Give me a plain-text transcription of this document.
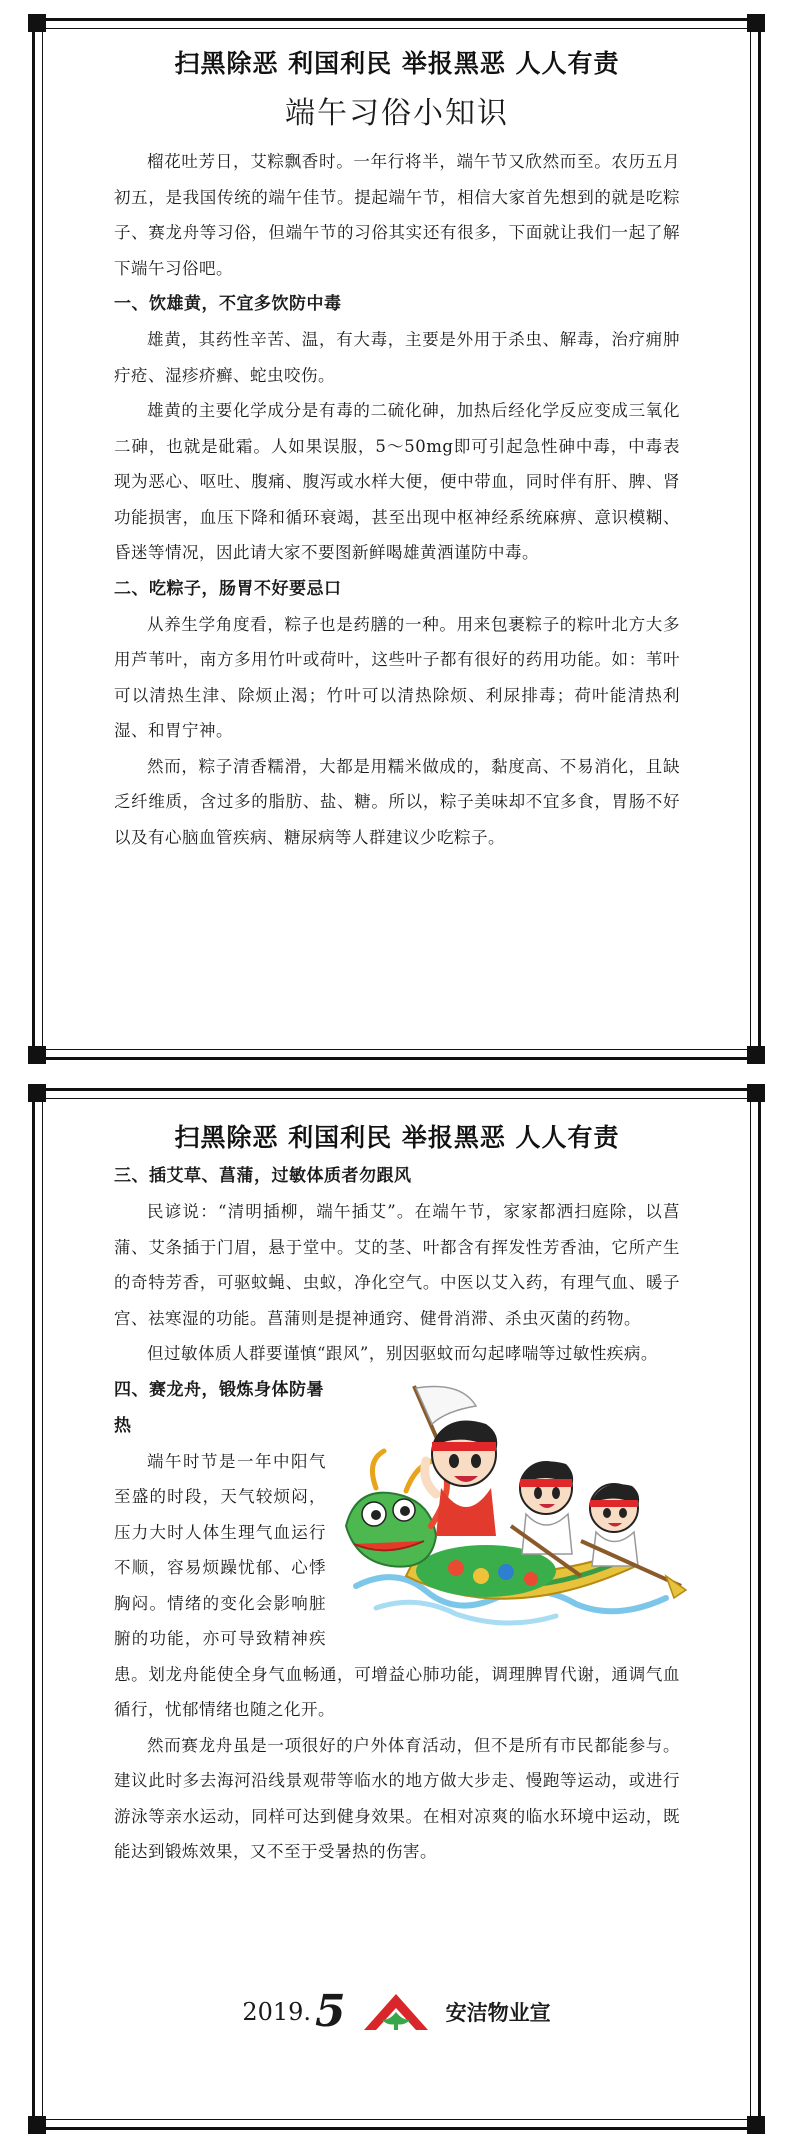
扫黑除恶 利国利民 举报黑恶 人人有责
端午习俗小知识

榴花吐芳日，艾粽飘香时。一年行将半，端午节又欣然而至。农历五月初五，是我国传统的端午佳节。提起端午节，相信大家首先想到的就是吃粽子、赛龙舟等习俗，但端午节的习俗其实还有很多，下面就让我们一起了解下端午习俗吧。

一、饮雄黄，不宜多饮防中毒

雄黄，其药性辛苦、温，有大毒，主要是外用于杀虫、解毒，治疗痈肿疔疮、湿疹疥癣、蛇虫咬伤。

雄黄的主要化学成分是有毒的二硫化砷，加热后经化学反应变成三氧化二砷，也就是砒霜。人如果误服，5～50mg即可引起急性砷中毒，中毒表现为恶心、呕吐、腹痛、腹泻或水样大便，便中带血，同时伴有肝、脾、肾功能损害，血压下降和循环衰竭，甚至出现中枢神经系统麻痹、意识模糊、昏迷等情况，因此请大家不要图新鲜喝雄黄酒谨防中毒。

二、吃粽子，肠胃不好要忌口

从养生学角度看，粽子也是药膳的一种。用来包裹粽子的粽叶北方大多用芦苇叶，南方多用竹叶或荷叶，这些叶子都有很好的药用功能。如：苇叶可以清热生津、除烦止渴；竹叶可以清热除烦、利尿排毒；荷叶能清热利湿、和胃宁神。

然而，粽子清香糯滑，大都是用糯米做成的，黏度高、不易消化，且缺乏纤维质，含过多的脂肪、盐、糖。所以，粽子美味却不宜多食，胃肠不好以及有心脑血管疾病、糖尿病等人群建议少吃粽子。

扫黑除恶 利国利民 举报黑恶 人人有责
三、插艾草、菖蒲，过敏体质者勿跟风

民谚说：“清明插柳，端午插艾”。在端午节，家家都洒扫庭除，以菖蒲、艾条插于门眉，悬于堂中。艾的茎、叶都含有挥发性芳香油，它所产生的奇特芳香，可驱蚊蝇、虫蚁，净化空气。中医以艾入药，有理气血、暖子宫、祛寒湿的功能。菖蒲则是提神通窍、健骨消滞、杀虫灭菌的药物。

但过敏体质人群要谨慎“跟风”，别因驱蚊而勾起哮喘等过敏性疾病。

四、赛龙舟，锻炼身体防暑热

端午时节是一年中阳气至盛的时段，天气较烦闷，压力大时人体生理气血运行不顺，容易烦躁忧郁、心悸胸闷。情绪的变化会影响脏腑的功能，亦可导致精神疾患。划龙舟能使全身气血畅通，可增益心肺功能，调理脾胃代谢，通调气血循行，忧郁情绪也随之化开。

然而赛龙舟虽是一项很好的户外体育活动，但不是所有市民都能参与。建议此时多去海河沿线景观带等临水的地方做大步走、慢跑等运动，或进行游泳等亲水运动，同样可达到健身效果。在相对凉爽的临水环境中运动，既能达到锻炼效果，又不至于受暑热的伤害。

2019. 5	安洁物业宣
